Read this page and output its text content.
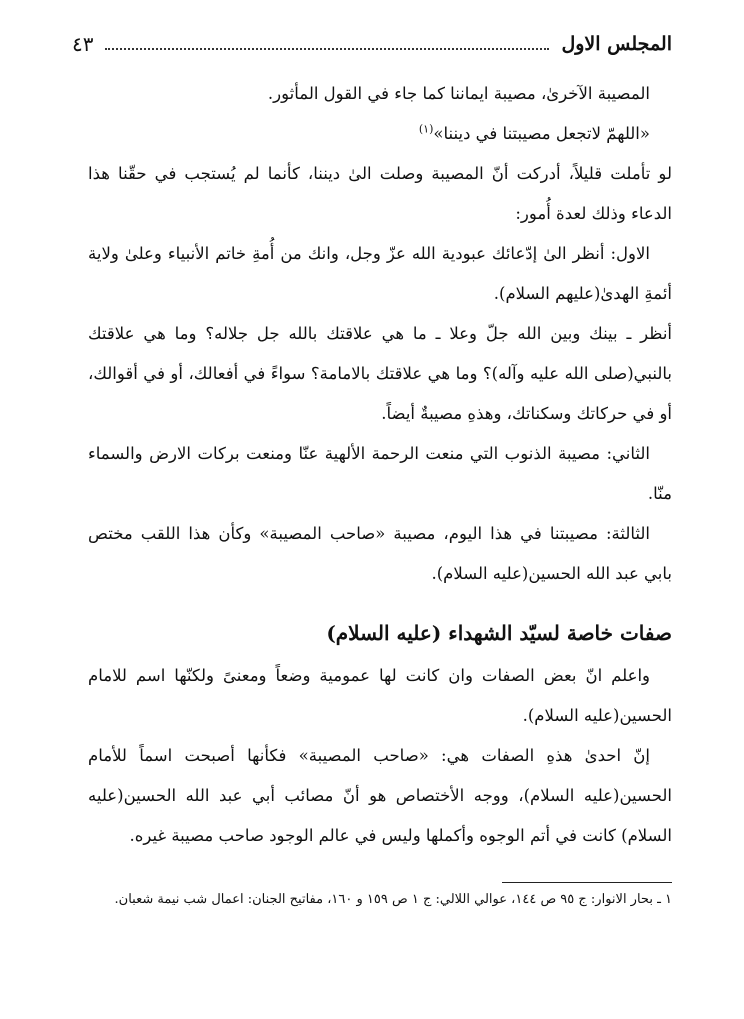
المجلس الاول
٤٣

المصيبة الآخرىٰ، مصيبة ايماننا كما جاء في القول المأثور.

«اللهمّ لاتجعل مصيبتنا في ديننا»$^{(١)}$

لو تأملت قليلاً، أدركت أنّ المصيبة وصلت الىٰ ديننا، كأنما لم يُستجب في حقّنا هذا الدعاء وذلك لعدة أُمور:

الاول: أنظر الىٰ إدّعائك عبودية الله عزّ وجل، وانك من أُمةِ خاتم الأنبياء وعلىٰ ولاية أئمةِ الهدىٰ(عليهم السلام).

أنظر ـ بينك وبين الله جلّ وعلا ـ ما هي علاقتك بالله جل جلاله؟ وما هي علاقتك بالنبي(صلى الله عليه وآله)؟ وما هي علاقتك بالامامة؟ سواءً في أفعالك، أو في أقوالك، أو في حركاتك وسكناتك، وهذهِ مصيبةٌ أيضاً.

الثاني: مصيبة الذنوب التي منعت الرحمة الألهية عنّا ومنعت بركات الارض والسماء منّا.

الثالثة: مصيبتنا في هذا اليوم، مصيبة «صاحب المصيبة» وكأن هذا اللقب مختص بابي عبد الله الحسين(عليه السلام).

صفات خاصة لسيّد الشهداء (عليه السلام)

واعلم انّ بعض الصفات وان كانت لها عمومية وضعاً ومعنىً ولكنّها اسم للامام الحسين(عليه السلام).

إنّ احدىٰ هذهِ الصفات هي: «صاحب المصيبة» فكأنها أصبحت اسماً للأمام الحسين(عليه السلام)، ووجه الأختصاص هو أنّ مصائب أبي عبد الله الحسين(عليه السلام) كانت في أتم الوجوه وأكملها وليس في عالم الوجود صاحب مصيبة غيره.

١ ـ بحار الانوار: ج ٩٥ ص ١٤٤، عوالي اللالي: ج ١ ص ١٥٩ و ١٦٠، مفاتيح الجنان: اعمال شب نيمة شعبان.
